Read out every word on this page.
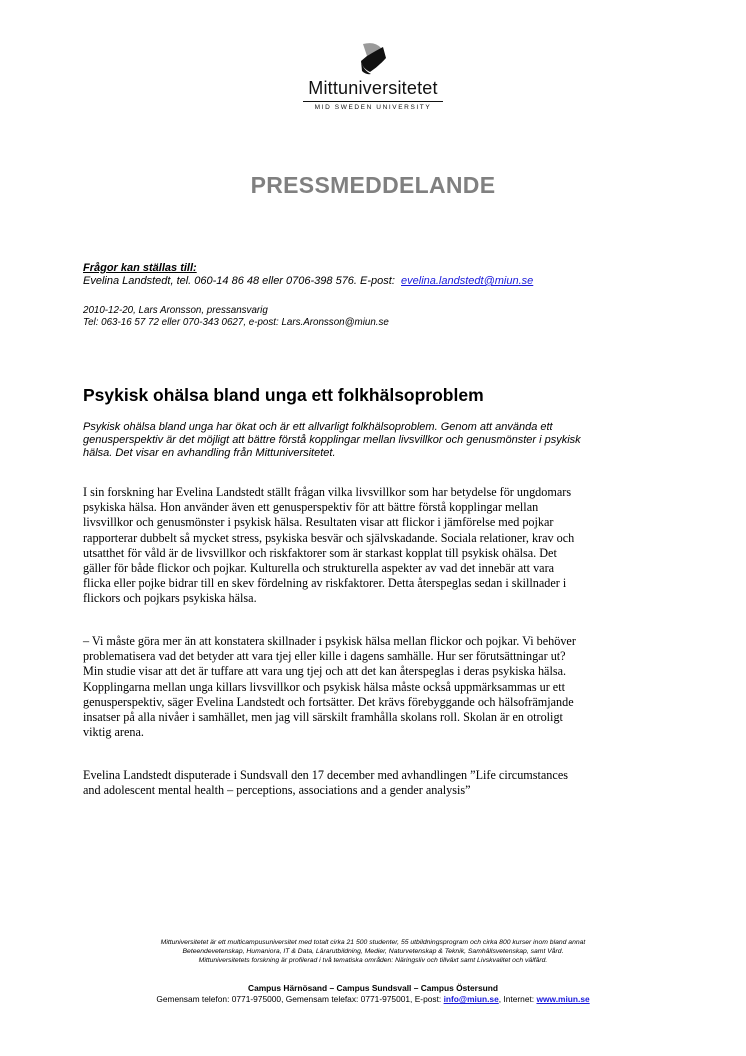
Mittuniversitetet
MID SWEDEN UNIVERSITY
PRESSMEDDELANDE
Frågor kan ställas till:
Evelina Landstedt, tel. 060-14 86 48 eller 0706-398 576. E-post: evelina.landstedt@miun.se
2010-12-20, Lars Aronsson, pressansvarig
Tel: 063-16 57 72 eller 070-343 0627, e-post: Lars.Aronsson@miun.se
Psykisk ohälsa bland unga ett folkhälsoproblem
Psykisk ohälsa bland unga har ökat och är ett allvarligt folkhälsoproblem. Genom att använda ett
genusperspektiv är det möjligt att bättre förstå kopplingar mellan livsvillkor och genusmönster i psykisk
hälsa. Det visar en avhandling från Mittuniversitetet.
I sin forskning har Evelina Landstedt ställt frågan vilka livsvillkor som har betydelse för ungdomars
psykiska hälsa. Hon använder även ett genusperspektiv för att bättre förstå kopplingar mellan
livsvillkor och genusmönster i psykisk hälsa. Resultaten visar att flickor i jämförelse med pojkar
rapporterar dubbelt så mycket stress, psykiska besvär och självskadande. Sociala relationer, krav och
utsatthet för våld är de livsvillkor och riskfaktorer som är starkast kopplat till psykisk ohälsa. Det
gäller för både flickor och pojkar. Kulturella och strukturella aspekter av vad det innebär att vara
flicka eller pojke bidrar till en skev fördelning av riskfaktorer. Detta återspeglas sedan i skillnader i
flickors och pojkars psykiska hälsa.
– Vi måste göra mer än att konstatera skillnader i psykisk hälsa mellan flickor och pojkar. Vi behöver
problematisera vad det betyder att vara tjej eller kille i dagens samhälle. Hur ser förutsättningar ut?
Min studie visar att det är tuffare att vara ung tjej och att det kan återspeglas i deras psykiska hälsa.
Kopplingarna mellan unga killars livsvillkor och psykisk hälsa måste också uppmärksammas ur ett
genusperspektiv, säger Evelina Landstedt och fortsätter. Det krävs förebyggande och hälsofrämjande
insatser på alla nivåer i samhället, men jag vill särskilt framhålla skolans roll. Skolan är en otroligt
viktig arena.
Evelina Landstedt disputerade i Sundsvall den 17 december med avhandlingen ”Life circumstances
and adolescent mental health – perceptions, associations and a gender analysis”
Mittuniversitetet är ett multicampusuniversitet med totalt cirka 21 500 studenter, 55 utbildningsprogram och cirka 800 kurser inom bland annat
Beteendevetenskap, Humaniora, IT & Data, Lärarutbildning, Medier, Naturvetenskap & Teknik, Samhällsvetenskap, samt Vård.
Mittuniversitetets forskning är profilerad i två tematiska områden: Näringsliv och tillväxt samt Livskvalitet och välfärd.
Campus Härnösand – Campus Sundsvall – Campus Östersund
Gemensam telefon: 0771-975000, Gemensam telefax: 0771-975001, E-post: info@miun.se, Internet: www.miun.se
